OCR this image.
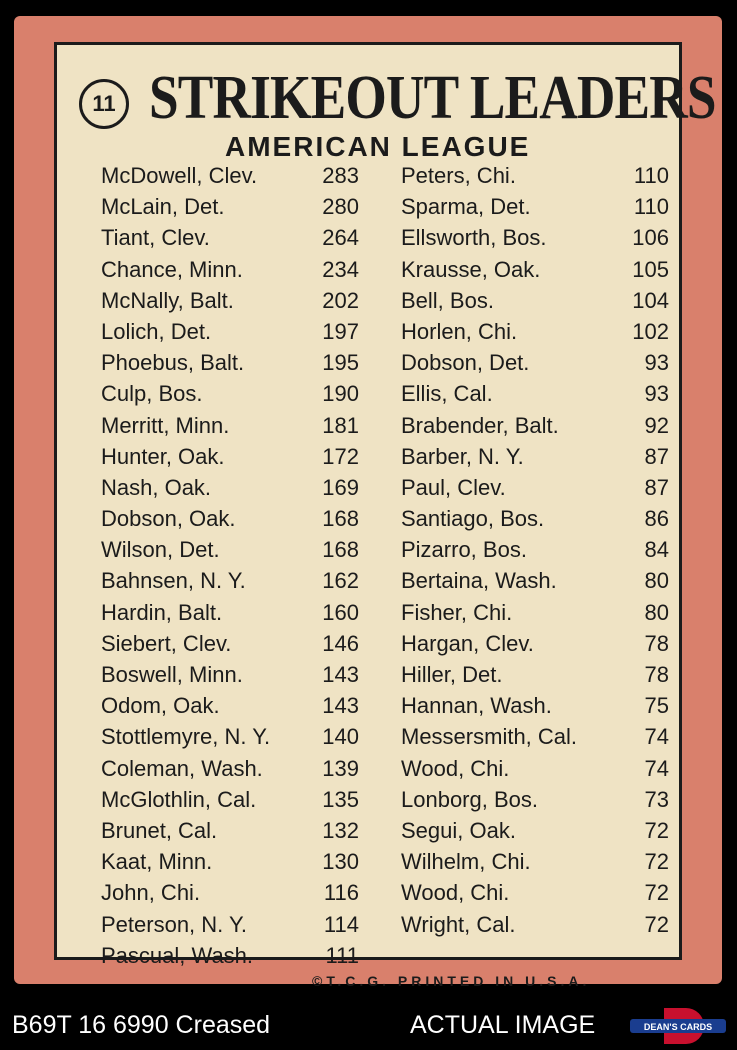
11 STRIKEOUT LEADERS
AMERICAN LEAGUE
McDowell, Clev.	283
McLain, Det.	280
Tiant, Clev.	264
Chance, Minn.	234
McNally, Balt.	202
Lolich, Det.	197
Phoebus, Balt.	195
Culp, Bos.	190
Merritt, Minn.	181
Hunter, Oak.	172
Nash, Oak.	169
Dobson, Oak.	168
Wilson, Det.	168
Bahnsen, N. Y.	162
Hardin, Balt.	160
Siebert, Clev.	146
Boswell, Minn.	143
Odom, Oak.	143
Stottlemyre, N. Y. 140
Coleman, Wash.	139
McGlothlin, Cal.	135
Brunet, Cal.	132
Kaat, Minn.	130
John, Chi.	116
Peterson, N. Y.	114
Pascual, Wash.	111
Peters, Chi.	110
Sparma, Det.	110
Ellsworth, Bos.	106
Krausse, Oak.	105
Bell, Bos.	104
Horlen, Chi.	102
Dobson, Det.	93
Ellis, Cal.	93
Brabender, Balt.	92
Barber, N. Y.	87
Paul, Clev.	87
Santiago, Bos.	86
Pizarro, Bos.	84
Bertaina, Wash.	80
Fisher, Chi.	80
Hargan, Clev.	78
Hiller, Det.	78
Hannan, Wash.	75
Messersmith, Cal.	74
Wood, Chi.	74
Lonborg, Bos.	73
Segui, Oak.	72
Wilhelm, Chi.	72
Wood, Chi.	72
Wright, Cal.	72
©T.C.G. PRINTED IN U.S.A.
B69T 16 6990 Creased	ACTUAL IMAGE	DEAN'S CARDS
